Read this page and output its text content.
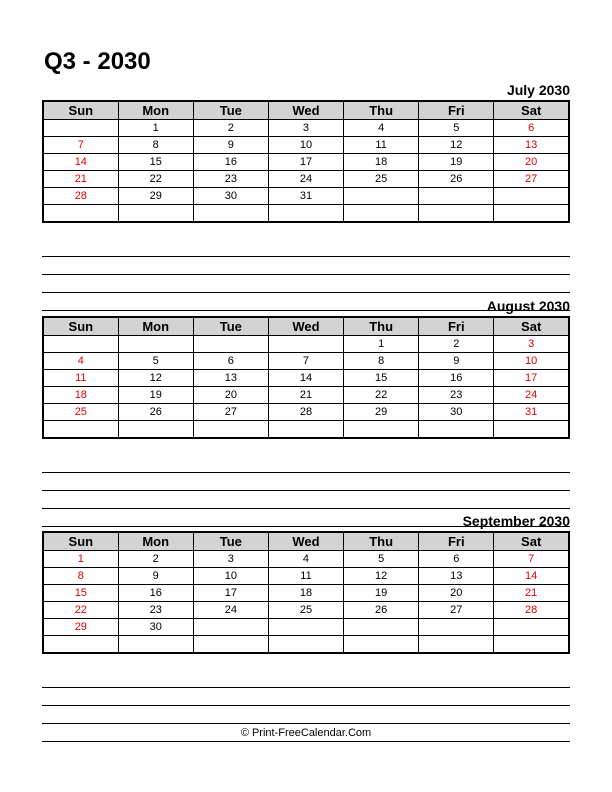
Q3 - 2030
July 2030
Sun	Mon	Tue	Wed	Thu	Fri	Sat
	1	2	3	4	5	6
7	8	9	10	11	12	13
14	15	16	17	18	19	20
21	22	23	24	25	26	27
28	29	30	31			

August 2030
Sun	Mon	Tue	Wed	Thu	Fri	Sat
				1	2	3
4	5	6	7	8	9	10
11	12	13	14	15	16	17
18	19	20	21	22	23	24
25	26	27	28	29	30	31

September 2030
Sun	Mon	Tue	Wed	Thu	Fri	Sat
1	2	3	4	5	6	7
8	9	10	11	12	13	14
15	16	17	18	19	20	21
22	23	24	25	26	27	28
29	30					

© Print-FreeCalendar.Com
